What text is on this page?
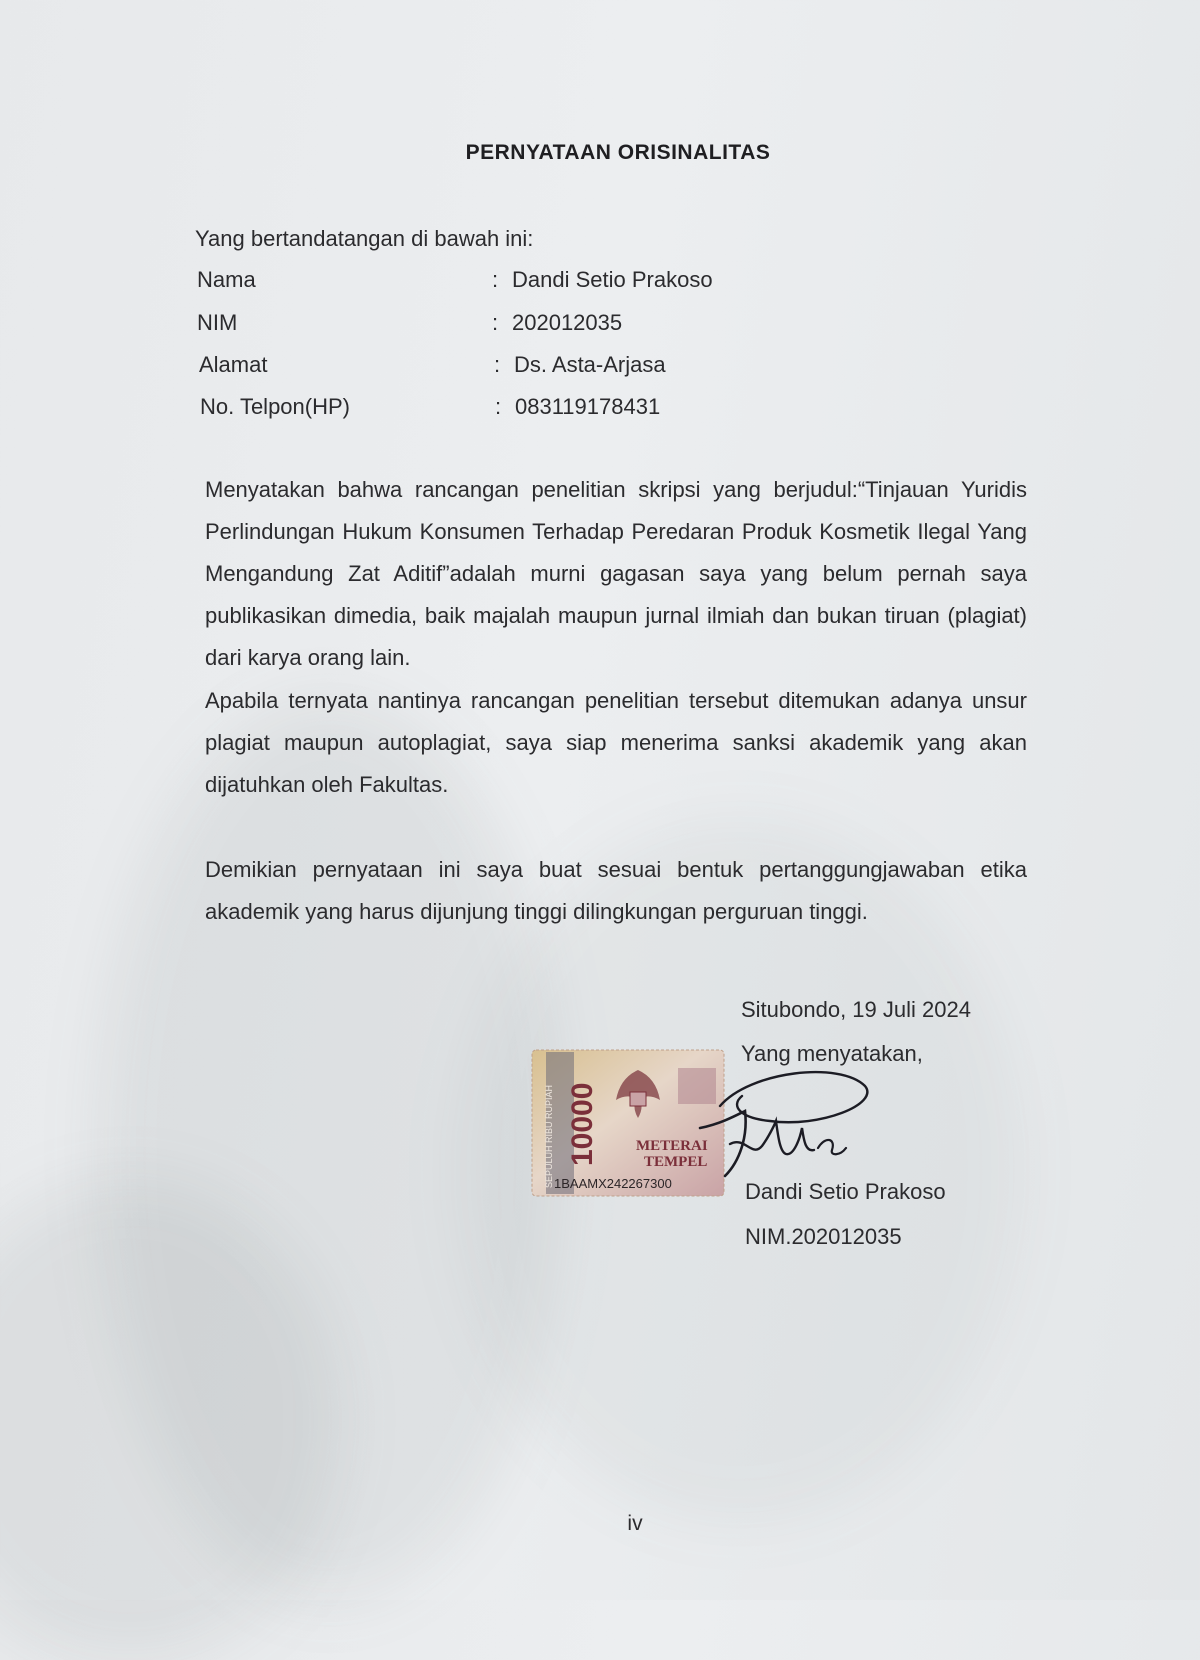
PERNYATAAN ORISINALITAS
Yang bertandatangan di bawah ini:
Nama	: Dandi Setio Prakoso
NIM	: 202012035
Alamat	: Ds. Asta-Arjasa
No. Telpon(HP)	: 083119178431

Menyatakan bahwa rancangan penelitian skripsi yang berjudul:“Tinjauan Yuridis Perlindungan Hukum Konsumen Terhadap Peredaran Produk Kosmetik Ilegal Yang Mengandung Zat Aditif”adalah murni gagasan saya yang belum pernah saya publikasikan dimedia, baik majalah maupun jurnal ilmiah dan bukan tiruan (plagiat) dari karya orang lain.

Apabila ternyata nantinya rancangan penelitian tersebut ditemukan adanya unsur plagiat maupun autoplagiat, saya siap menerima sanksi akademik yang akan dijatuhkan oleh Fakultas.

Demikian pernyataan ini saya buat sesuai bentuk pertanggungjawaban etika akademik yang harus dijunjung tinggi dilingkungan perguruan tinggi.

Situbondo, 19 Juli 2024
Yang menyatakan,
SEPULUH RIBU RUPIAH 10000 METERAI
TEMPEL
1BAAMX242267300	Dandi Setio Prakoso
NIM.202012035
iv
